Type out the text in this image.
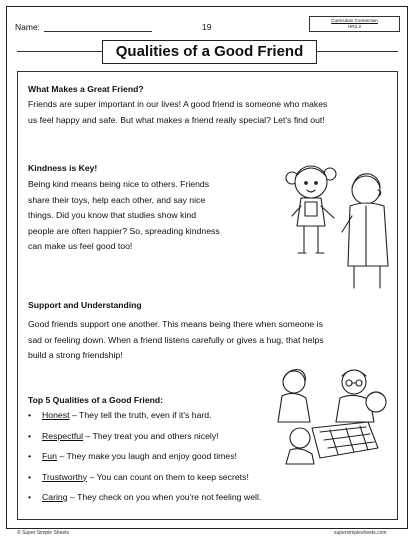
Name:	19
Curriculum Connection
HR2.2
Qualities of a Good Friend
What Makes a Great Friend?
Friends are super important in our lives! A good friend is someone who makes
us feel happy and safe. But what makes a friend really special? Let's find out!
Kindness is Key!
Being kind means being nice to others. Friends
share their toys, help each other, and say nice
things. Did you know that studies show kind
people are often happier? So, spreading kindness
can make us feel good too!
Support and Understanding
Good friends support one another. This means being there when someone is
sad or feeling down. When a friend listens carefully or gives a hug, that helps
build a strong friendship!
Top 5 Qualities of a Good Friend:
• Honest – They tell the truth, even if it's hard.
• Respectful – They treat you and others nicely!
• Fun – They make you laugh and enjoy good times!
• Trustworthy – You can count on them to keep secrets!
• Caring – They check on you when you're not feeling well.
© Super Simple Sheets	supersimplesheets.com
